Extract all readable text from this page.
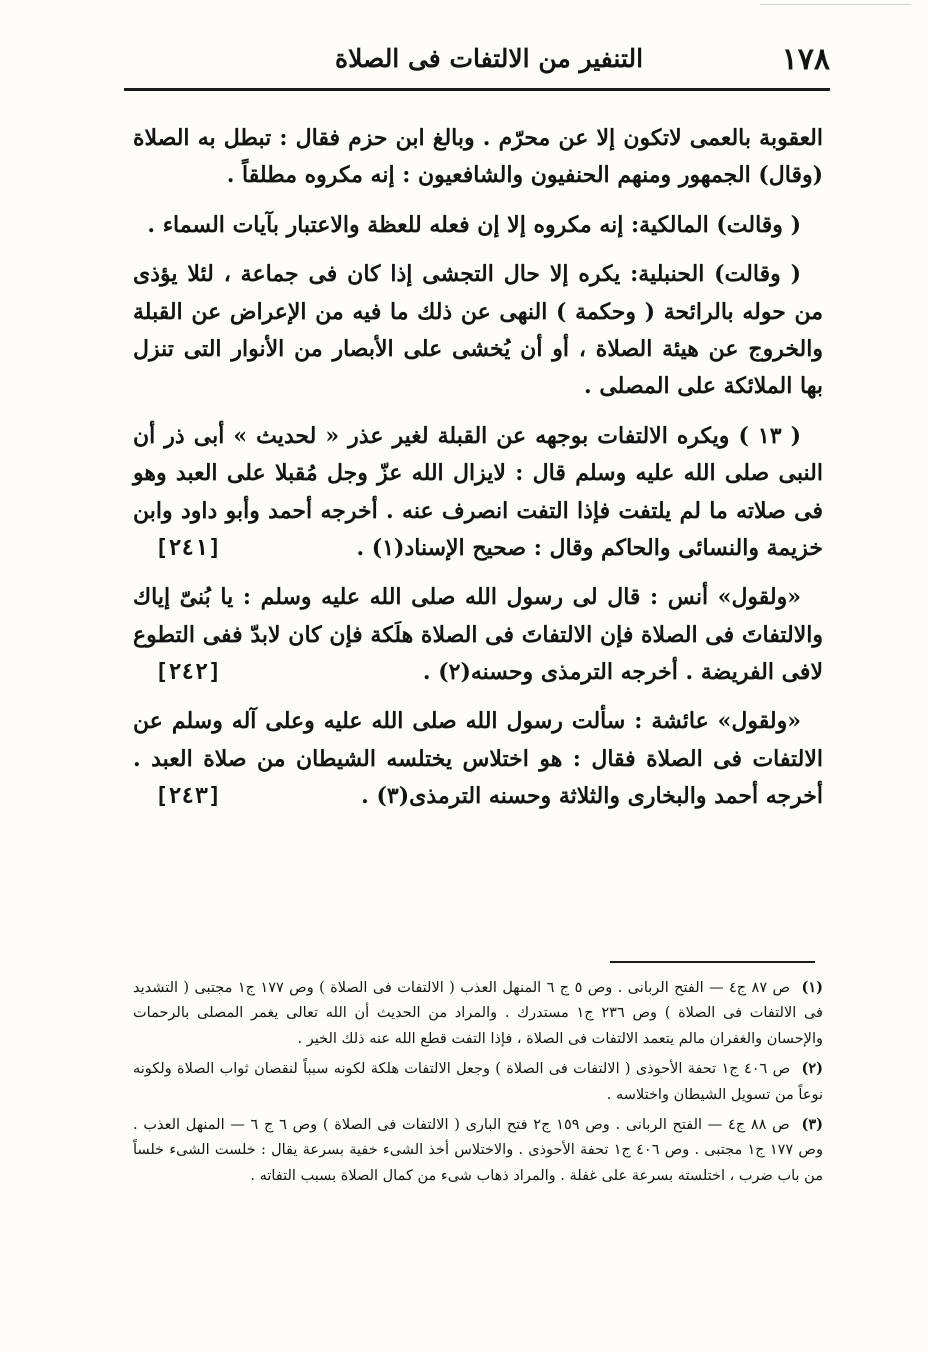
١٧٨
التنفير من الالتفات فى الصلاة

العقوبة بالعمى لاتكون إلا عن محرّم . وبالغ ابن حزم فقال : تبطل به الصلاة (وقال) الجمهور ومنهم الحنفيون والشافعيون : إنه مكروه مطلقاً .

( وقالت) المالكية: إنه مكروه إلا إن فعله للعظة والاعتبار بآيات السماء .

( وقالت) الحنبلية: يكره إلا حال التجشى إذا كان فى جماعة ، لئلا يؤذى من حوله بالرائحة ( وحكمة ) النهى عن ذلك ما فيه من الإعراض عن القبلة والخروج عن هيئة الصلاة ، أو أن يُخشى على الأبصار من الأنوار التى تنزل بها الملائكة على المصلى .

( ١٣ ) ويكره الالتفات بوجهه عن القبلة لغير عذر « لحديث » أبى ذر أن النبى صلى الله عليه وسلم قال : لايزال الله عزّ وجل مُقبلا على العبد وهو فى صلاته ما لم يلتفت فإذا التفت انصرف عنه . أخرجه أحمد وأبو داود وابن خزيمة والنسائى والحاكم وقال : صحيح الإسناد(١) .
[٢٤١]

«ولقول» أنس : قال لى رسول الله صلى الله عليه وسلم : يا بُنىّ إياك والالتفاتَ فى الصلاة فإن الالتفاتَ فى الصلاة هلَكة فإن كان لابدّ ففى التطوع لافى الفريضة . أخرجه الترمذى وحسنه(٢) .
[٢٤٢]

«ولقول» عائشة : سألت رسول الله صلى الله عليه وعلى آله وسلم عن الالتفات فى الصلاة فقال : هو اختلاس يختلسه الشيطان من صلاة العبد . أخرجه أحمد والبخارى والثلاثة وحسنه الترمذى(٣) .
[٢٤٣]

(١) ص ٨٧ ج٤ — الفتح الربانى . وص ٥ ج ٦ المنهل العذب ( الالتفات فى الصلاة ) وص ١٧٧ ج١ مجتبى ( التشديد فى الالتفات فى الصلاة ) وص ٢٣٦ ج١ مستدرك . والمراد من الحديث أن الله تعالى يغمر المصلى بالرحمات والإحسان والغفران مالم يتعمد الالتفات فى الصلاة ، فإذا التفت قطع الله عنه ذلك الخير .

(٢) ص ٤٠٦ ج١ تحفة الأحوذى ( الالتفات فى الصلاة ) وجعل الالتفات هلكة لكونه سبباً لنقصان ثواب الصلاة ولكونه نوعاً من تسويل الشيطان واختلاسه .

(٣) ص ٨٨ ج٤ — الفتح الربانى . وص ١٥٩ ج٢ فتح البارى ( الالتفات فى الصلاة ) وص ٦ ج ٦ — المنهل العذب . وص ١٧٧ ج١ مجتبى . وص ٤٠٦ ج١ تحفة الأحوذى . والاختلاس أخذ الشىء خفية بسرعة يقال : خلست الشىء خلساً من باب ضرب ، اختلسته بسرعة على غفلة . والمراد ذهاب شىء من كمال الصلاة بسبب التفاته .
